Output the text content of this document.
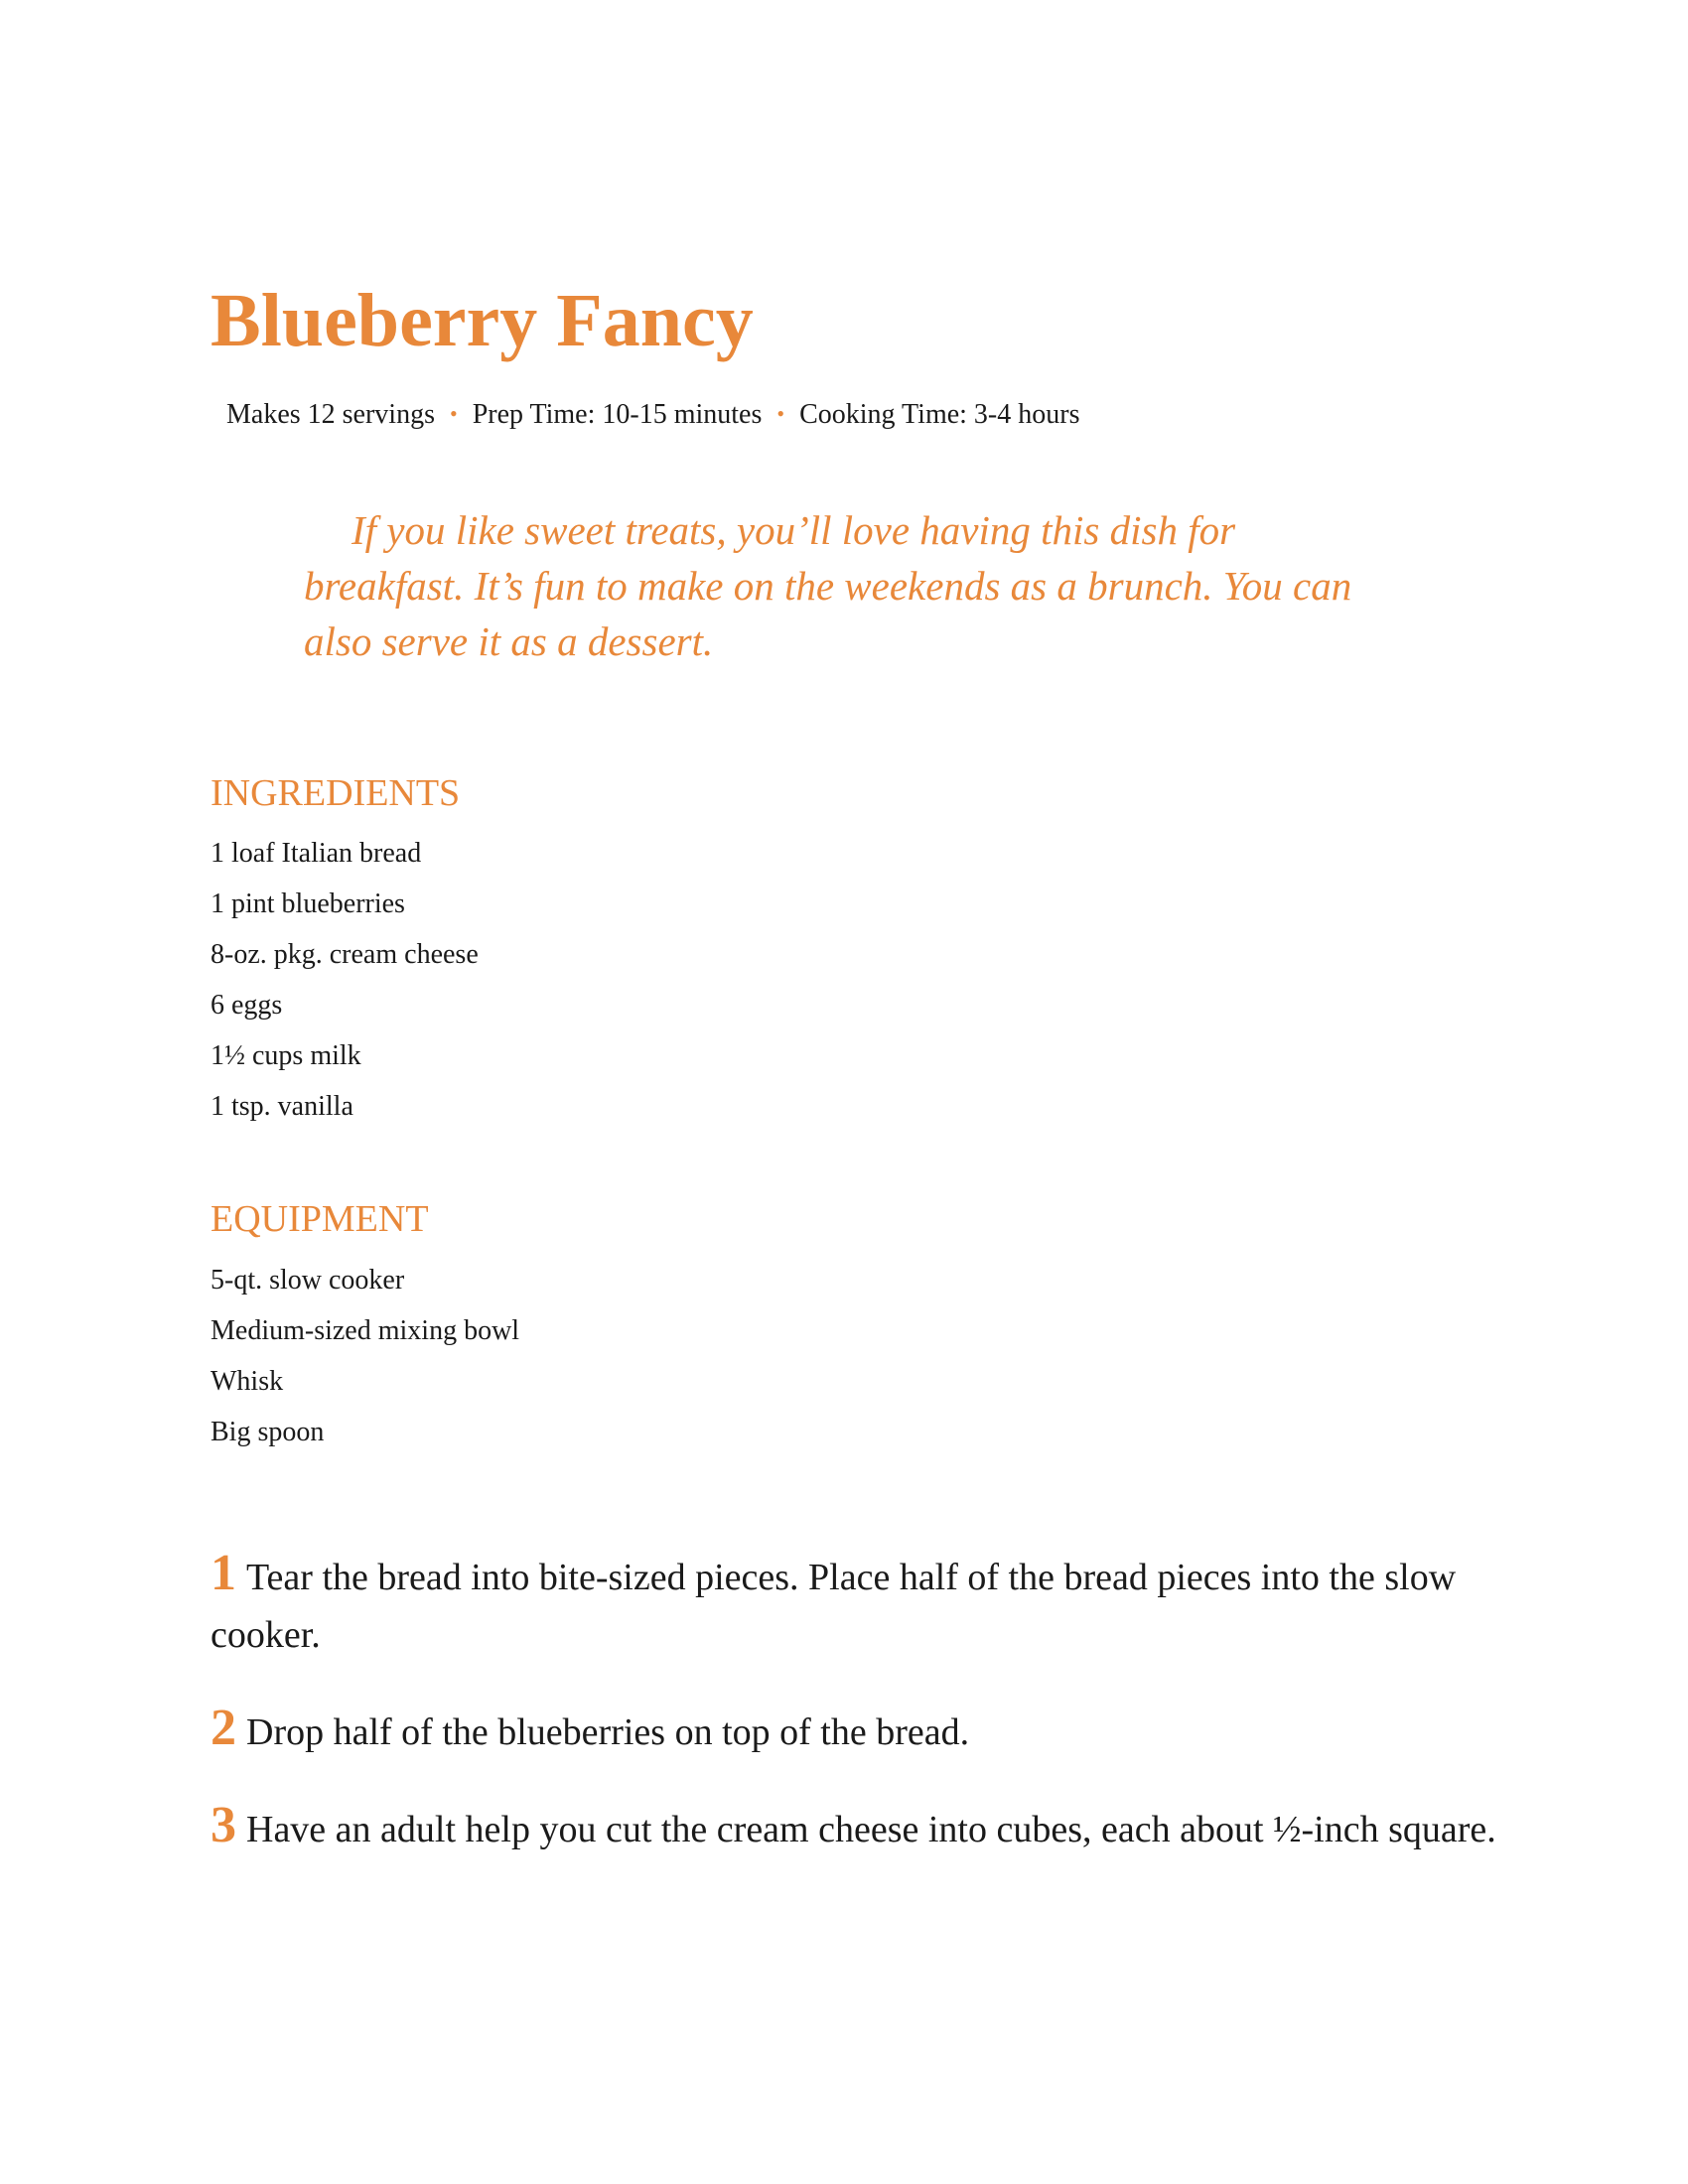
Blueberry Fancy
Makes 12 servings • Prep Time: 10-15 minutes • Cooking Time: 3-4 hours

If you like sweet treats, you’ll love having this dish for breakfast. It’s fun to make on the weekends as a brunch. You can also serve it as a dessert.

INGREDIENTS
1 loaf Italian bread
1 pint blueberries
8-oz. pkg. cream cheese
6 eggs
1½ cups milk
1 tsp. vanilla
EQUIPMENT
5-qt. slow cooker
Medium-sized mixing bowl
Whisk
Big spoon
1 Tear the bread into bite-sized pieces. Place half of the bread pieces into the slow cooker.
2 Drop half of the blueberries on top of the bread.
3 Have an adult help you cut the cream cheese into cubes, each about ½-inch square.
